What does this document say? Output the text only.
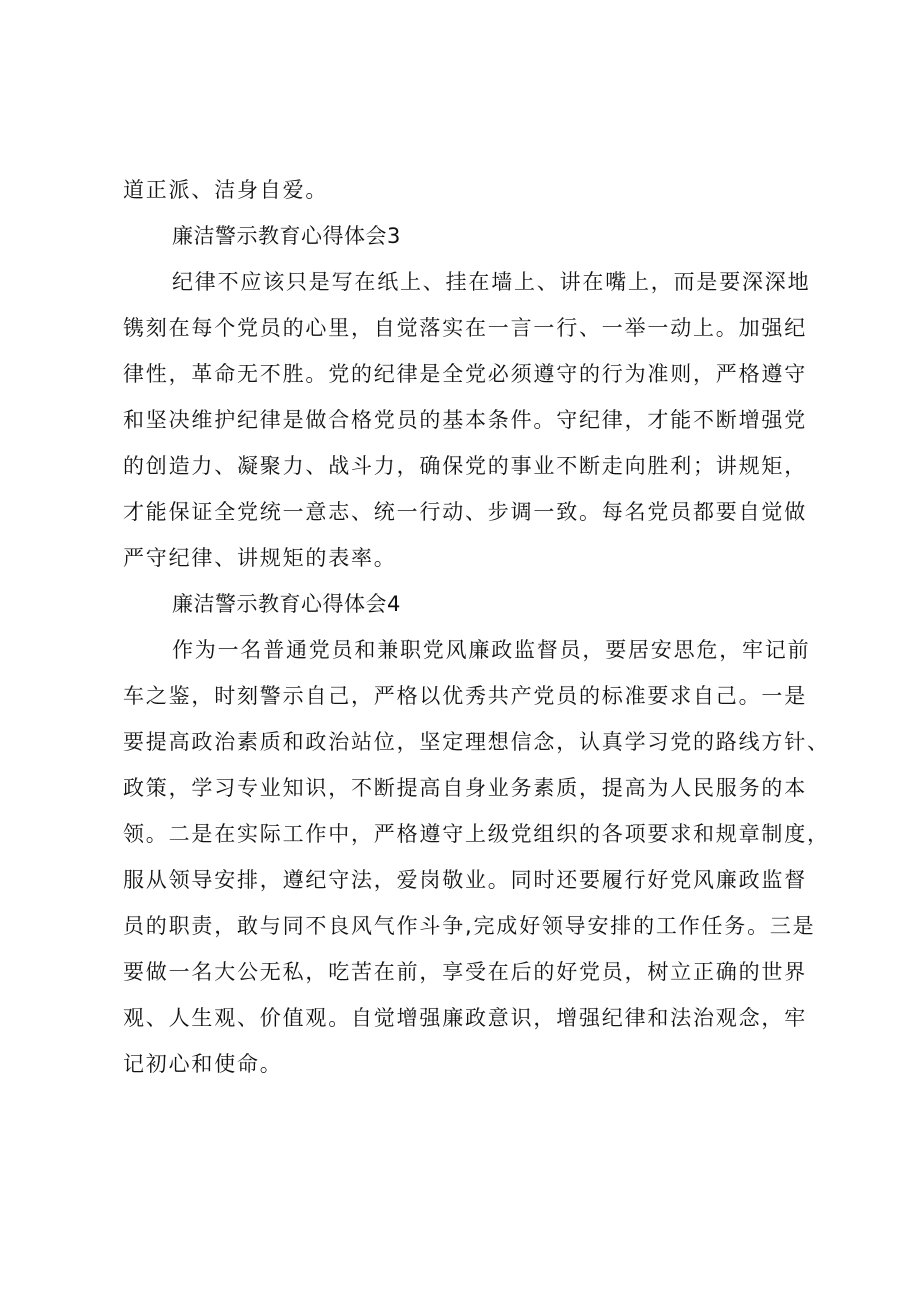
道正派、洁身自爱。
廉洁警示教育心得体会3
纪律不应该只是写在纸上、挂在墙上、讲在嘴上，而是要深深地
镌刻在每个党员的心里，自觉落实在一言一行、一举一动上。加强纪
律性，革命无不胜。党的纪律是全党必须遵守的行为准则，严格遵守
和坚决维护纪律是做合格党员的基本条件。守纪律，才能不断增强党
的创造力、凝聚力、战斗力，确保党的事业不断走向胜利；讲规矩，
才能保证全党统一意志、统一行动、步调一致。每名党员都要自觉做
严守纪律、讲规矩的表率。
廉洁警示教育心得体会4
作为一名普通党员和兼职党风廉政监督员，要居安思危，牢记前
车之鉴，时刻警示自己，严格以优秀共产党员的标准要求自己。一是
要提高政治素质和政治站位，坚定理想信念，认真学习党的路线方针、
政策，学习专业知识，不断提高自身业务素质，提高为人民服务的本
领。二是在实际工作中，严格遵守上级党组织的各项要求和规章制度，
服从领导安排，遵纪守法，爱岗敬业。同时还要履行好党风廉政监督
员的职责，敢与同不良风气作斗争,完成好领导安排的工作任务。三是
要做一名大公无私，吃苦在前，享受在后的好党员，树立正确的世界
观、人生观、价值观。自觉增强廉政意识，增强纪律和法治观念，牢
记初心和使命。
